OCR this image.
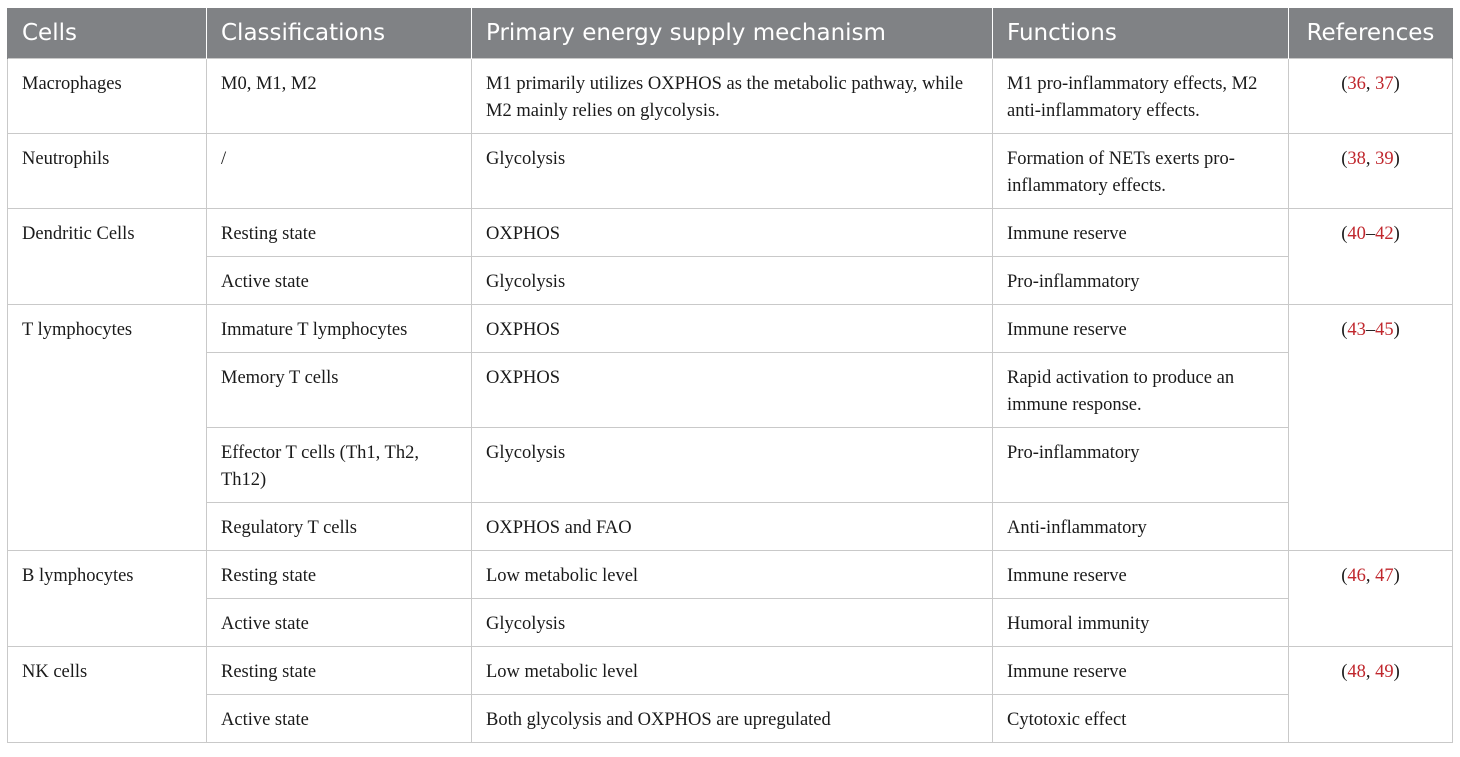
Cells	Classifications	Primary energy supply mechanism	Functions	References
Macrophages	M0, M1, M2	M1 primarily utilizes OXPHOS as the metabolic pathway, while M2 mainly relies on glycolysis.	M1 pro-inflammatory effects, M2 anti-inflammatory effects.	(36, 37)
Neutrophils	/	Glycolysis	Formation of NETs exerts pro-inflammatory effects.	(38, 39)
Dendritic Cells	Resting state	OXPHOS	Immune reserve	(40–42)
	Active state	Glycolysis	Pro-inflammatory	
T lymphocytes	Immature T lymphocytes	OXPHOS	Immune reserve	(43–45)
	Memory T cells	OXPHOS	Rapid activation to produce an immune response.	
	Effector T cells (Th1, Th2, Th12)	Glycolysis	Pro-inflammatory	
	Regulatory T cells	OXPHOS and FAO	Anti-inflammatory	
B lymphocytes	Resting state	Low metabolic level	Immune reserve	(46, 47)
	Active state	Glycolysis	Humoral immunity	
NK cells	Resting state	Low metabolic level	Immune reserve	(48, 49)
	Active state	Both glycolysis and OXPHOS are upregulated	Cytotoxic effect	
